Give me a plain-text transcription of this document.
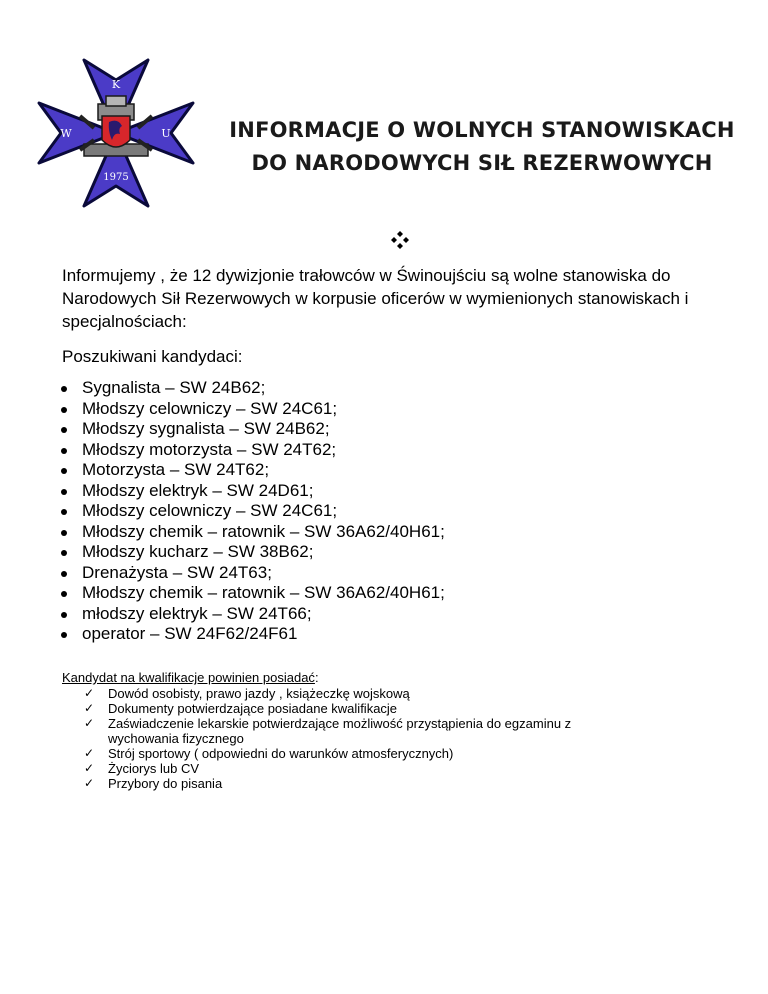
K
W	U
1975
INFORMACJE O WOLNYCH STANOWISKACH
DO NARODOWYCH SIŁ REZERWOWYCH

Informujemy , że 12 dywizjonie trałowców w Świnoujściu są wolne stanowiska do Narodowych Sił Rezerwowych w korpusie oficerów w wymienionych stanowiskach i specjalnościach:

Poszukiwani kandydaci:

Sygnalista – SW 24B62;
Młodszy celowniczy – SW 24C61;
Młodszy sygnalista – SW 24B62;
Młodszy motorzysta – SW 24T62;
Motorzysta – SW 24T62;
Młodszy elektryk – SW 24D61;
Młodszy celowniczy – SW 24C61;
Młodszy chemik – ratownik – SW 36A62/40H61;
Młodszy kucharz – SW 38B62;
Drenażysta – SW 24T63;
Młodszy chemik – ratownik – SW 36A62/40H61;
młodszy elektryk – SW 24T66;
operator – SW 24F62/24F61

Kandydat na kwalifikacje powinien posiadać:

✓ Dowód osobisty, prawo jazdy , książeczkę wojskową
✓ Dokumenty potwierdzające posiadane kwalifikacje
✓ Zaświadczenie lekarskie potwierdzające możliwość przystąpienia do egzaminu z wychowania fizycznego
✓ Strój sportowy ( odpowiedni do warunków atmosferycznych)
✓ Życiorys lub CV
✓ Przybory do pisania
